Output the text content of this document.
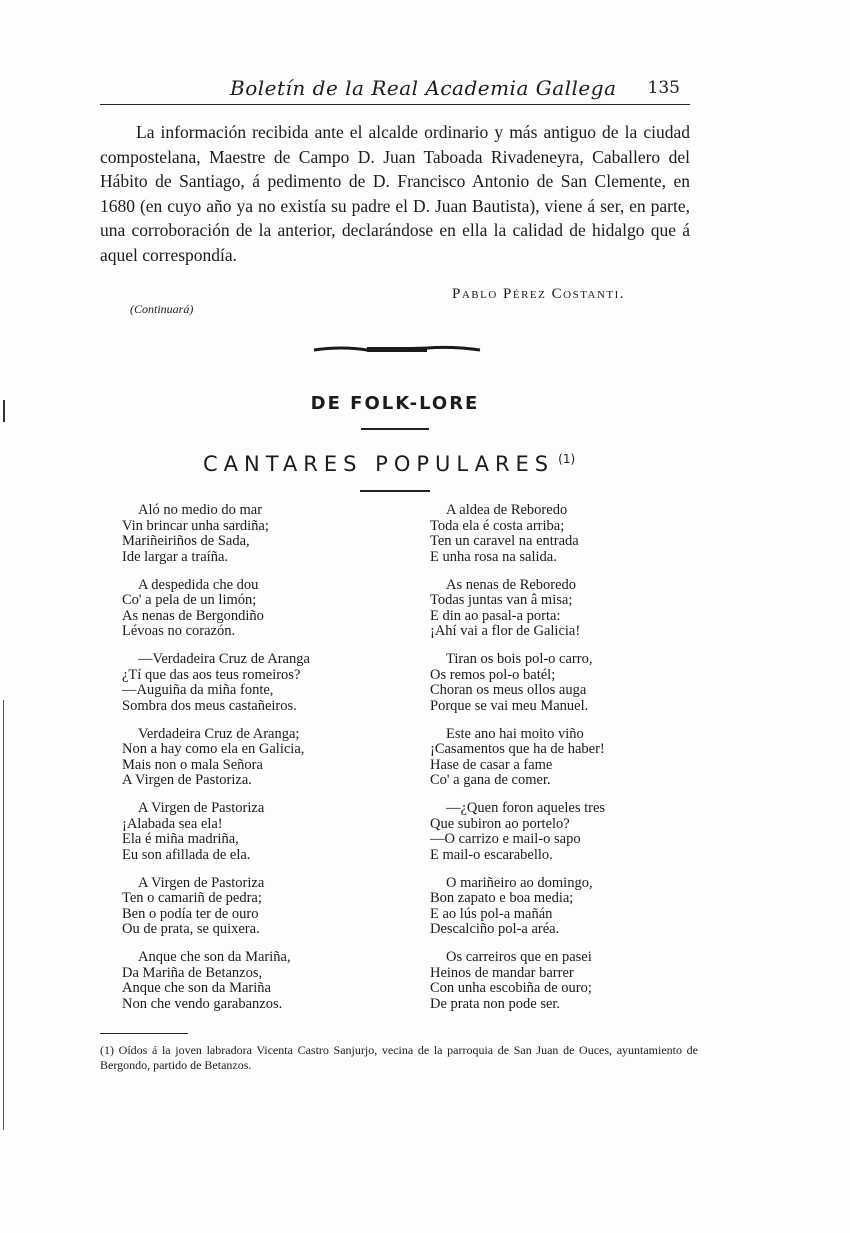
Boletín de la Real Academia Gallega 135
La información recibida ante el alcalde ordinario y más antiguo de la ciudad compostelana, Maestre de Campo D. Juan Taboada Rivadeneyra, Caballero del Hábito de Santiago, á pedimento de D. Francisco Antonio de San Clemente, en 1680 (en cuyo año ya no existía su padre el D. Juan Bautista), viene á ser, en parte, una corroboración de la anterior, declarándose en ella la calidad de hidalgo que á aquel correspondía.
Pablo Pérez Costanti.
(Continuará)
DE FOLK-LORE
CANTARES POPULARES $^{(1)}$
Aló no medio do mar
Vin brincar unha sardiña;
Mariñeiriños de Sada,
Ide largar a traíña.
A despedida che dou
Co' a pela de un limón;
As nenas de Bergondiño
Lévoas no corazón.
—Verdadeira Cruz de Aranga
¿Tí que das aos teus romeiros?
—Auguiña da miña fonte,
Sombra dos meus castañeiros.
Verdadeira Cruz de Aranga;
Non a hay como ela en Galicia,
Mais non o mala Señora
A Virgen de Pastoriza.
A Virgen de Pastoriza
¡Alabada sea ela!
Ela é miña madriña,
Eu son afillada de ela.
A Virgen de Pastoriza
Ten o camariñ de pedra;
Ben o podía ter de ouro
Ou de prata, se quixera.
Anque che son da Mariña,
Da Mariña de Betanzos,
Anque che son da Mariña
Non che vendo garabanzos.
A aldea de Reboredo
Toda ela é costa arriba;
Ten un caravel na entrada
E unha rosa na salida.
As nenas de Reboredo
Todas juntas van â misa;
E din ao pasal-a porta:
¡Ahí vai a flor de Galicia!
Tiran os bois pol-o carro,
Os remos pol-o batél;
Choran os meus ollos auga
Porque se vai meu Manuel.
Este ano hai moito viño
¡Casamentos que ha de haber!
Hase de casar a fame
Co' a gana de comer.
—¿Quen foron aqueles tres
Que subiron ao portelo?
—O carrizo e mail-o sapo
E mail-o escarabello.
O mariñeiro ao domingo,
Bon zapato e boa media;
E ao lús pol-a mañán
Descalciño pol-a aréa.
Os carreiros que en pasei
Heinos de mandar barrer
Con unha escobiña de ouro;
De prata non pode ser.
(1) Oídos á la joven labradora Vicenta Castro Sanjurjo, vecina de la parroquia de San Juan de Ouces, ayuntamiento de Bergondo, partido de Betanzos.
